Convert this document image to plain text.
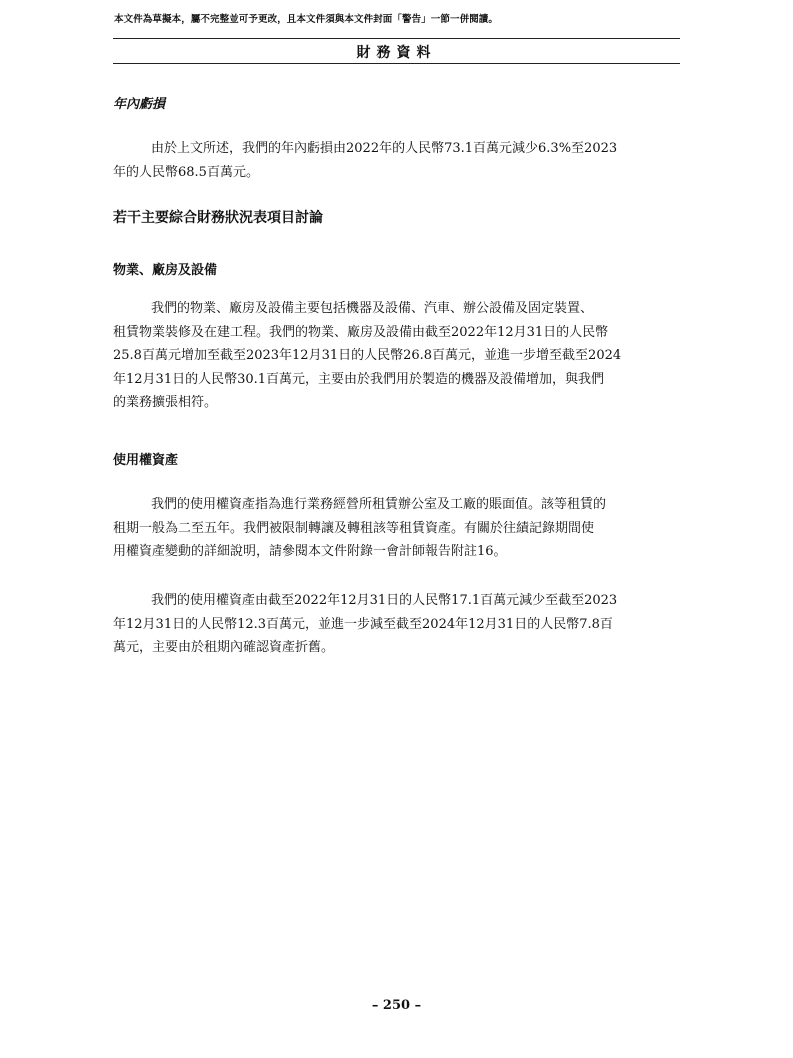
本文件為草擬本，屬不完整並可予更改，且本文件須與本文件封面「警告」一節一併閱讀。
財務資料
年內虧損
由於上文所述，我們的年內虧損由2022年的人民幣73.1百萬元減少6.3%至2023
年的人民幣68.5百萬元。
若干主要綜合財務狀況表項目討論
物業、廠房及設備
我們的物業、廠房及設備主要包括機器及設備、汽車、辦公設備及固定裝置、
租賃物業裝修及在建工程。我們的物業、廠房及設備由截至2022年12月31日的人民幣
25.8百萬元增加至截至2023年12月31日的人民幣26.8百萬元，並進一步增至截至2024
年12月31日的人民幣30.1百萬元，主要由於我們用於製造的機器及設備增加，與我們
的業務擴張相符。
使用權資產
我們的使用權資產指為進行業務經營所租賃辦公室及工廠的賬面值。該等租賃的
租期一般為二至五年。我們被限制轉讓及轉租該等租賃資產。有關於往績記錄期間使
用權資產變動的詳細說明，請參閱本文件附錄一會計師報告附註16。
我們的使用權資產由截至2022年12月31日的人民幣17.1百萬元減少至截至2023
年12月31日的人民幣12.3百萬元，並進一步減至截至2024年12月31日的人民幣7.8百
萬元，主要由於租期內確認資產折舊。
– 250 –
